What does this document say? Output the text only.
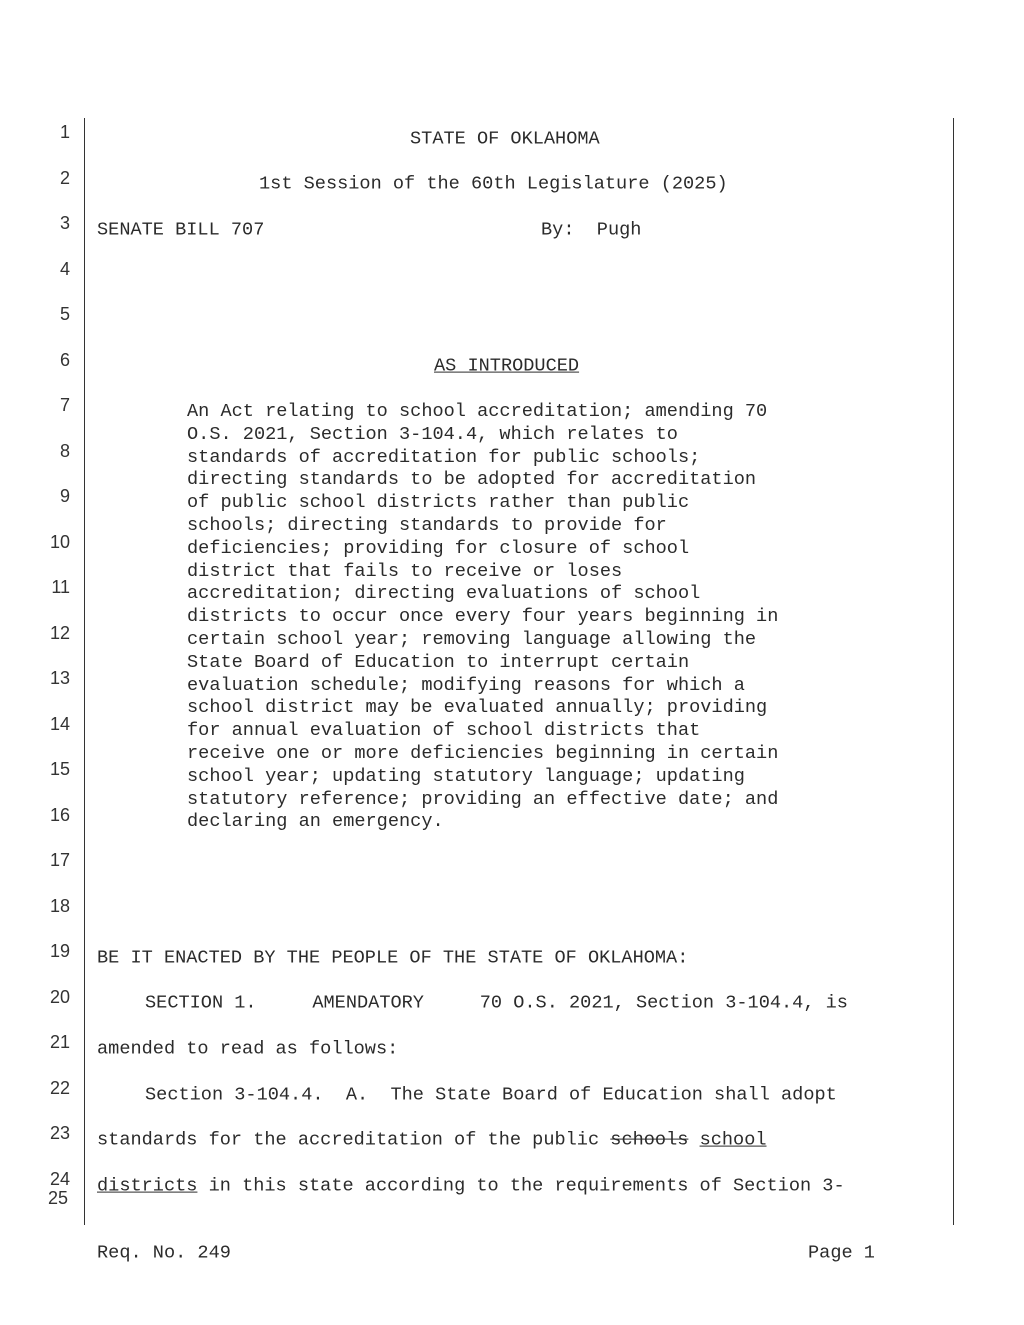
1
2
3
4
5
6
7
8
9
10
11
12
13
14
15
16
17
18
19
20
21
22
23
24
25
STATE OF OKLAHOMA
1st Session of the 60th Legislature (2025)
SENATE BILL 707	By:  Pugh
AS INTRODUCED
An Act relating to school accreditation; amending 70
O.S. 2021, Section 3-104.4, which relates to
standards of accreditation for public schools;
directing standards to be adopted for accreditation
of public school districts rather than public
schools; directing standards to provide for
deficiencies; providing for closure of school
district that fails to receive or loses
accreditation; directing evaluations of school
districts to occur once every four years beginning in
certain school year; removing language allowing the
State Board of Education to interrupt certain
evaluation schedule; modifying reasons for which a
school district may be evaluated annually; providing
for annual evaluation of school districts that
receive one or more deficiencies beginning in certain
school year; updating statutory language; updating
statutory reference; providing an effective date; and
declaring an emergency.
BE IT ENACTED BY THE PEOPLE OF THE STATE OF OKLAHOMA:
SECTION 1.     AMENDATORY     70 O.S. 2021, Section 3-104.4, is
amended to read as follows:
Section 3-104.4.  A.  The State Board of Education shall adopt
standards for the accreditation of the public schools school
districts in this state according to the requirements of Section 3-
Req. No. 249	Page 1
